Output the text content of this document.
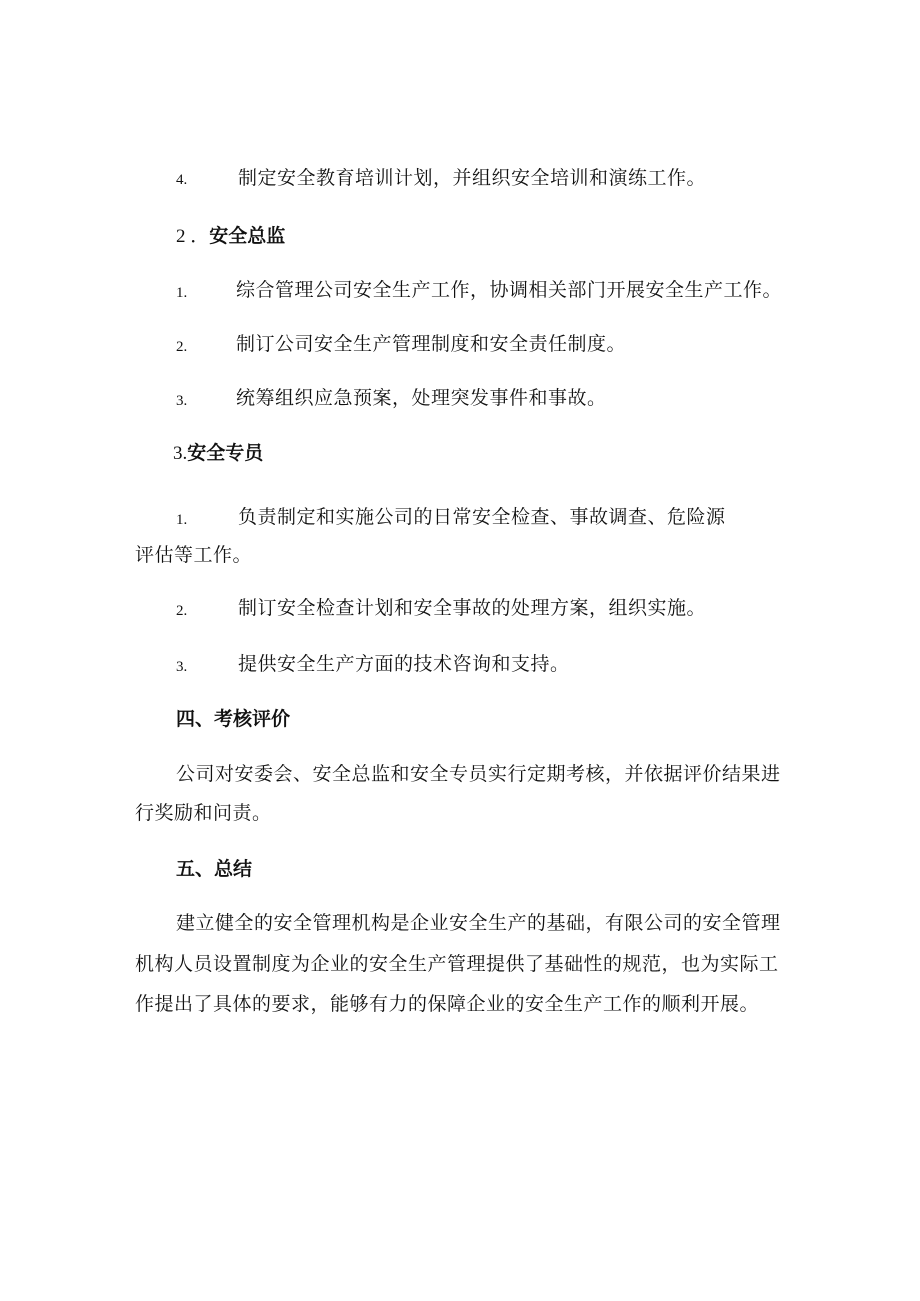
4.	制定安全教育培训计划，并组织安全培训和演练工作。
2 ．安全总监
1.	综合管理公司安全生产工作，协调相关部门开展安全生产工作。
2.	制订公司安全生产管理制度和安全责任制度。
3.	统筹组织应急预案，处理突发事件和事故。
3.安全专员
1.	负责制定和实施公司的日常安全检查、事故调查、危险源
评估等工作。
2.	制订安全检查计划和安全事故的处理方案，组织实施。
3.	提供安全生产方面的技术咨询和支持。
四、考核评价
公司对安委会、安全总监和安全专员实行定期考核，并依据评价结果进
行奖励和问责。
五、总结
建立健全的安全管理机构是企业安全生产的基础，有限公司的安全管理
机构人员设置制度为企业的安全生产管理提供了基础性的规范，也为实际工
作提出了具体的要求，能够有力的保障企业的安全生产工作的顺利开展。
